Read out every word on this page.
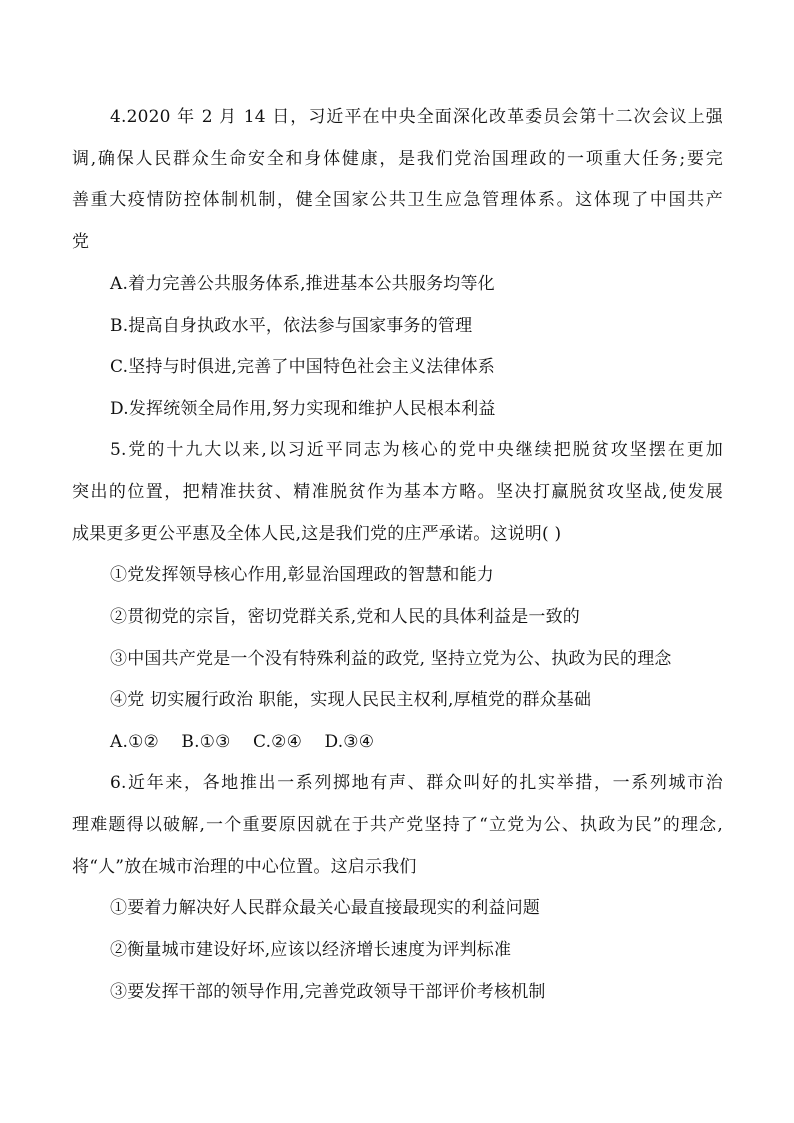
4.2020 年 2 月 14 日，习近平在中央全面深化改革委员会第十二次会议上强
调,确保人民群众生命安全和身体健康，是我们党治国理政的一项重大任务;要完
善重大疫情防控体制机制，健全国家公共卫生应急管理体系。这体现了中国共产
党
A.着力完善公共服务体系,推进基本公共服务均等化
B.提高自身执政水平，依法参与国家事务的管理
C.坚持与时俱进,完善了中国特色社会主义法律体系
D.发挥统领全局作用,努力实现和维护人民根本利益
5.党的十九大以来,以习近平同志为核心的党中央继续把脱贫攻坚摆在更加
突出的位置，把精准扶贫、精准脱贫作为基本方略。坚决打赢脱贫攻坚战,使发展
成果更多更公平惠及全体人民,这是我们党的庄严承诺。这说明( )
①党发挥领导核心作用,彰显治国理政的智慧和能力
②贯彻党的宗旨，密切党群关系,党和人民的具体利益是一致的
③中国共产党是一个没有特殊利益的政党, 坚持立党为公、执政为民的理念
④党 切实履行政治 职能，实现人民民主权利,厚植党的群众基础
A.①②    B.①③    C.②④    D.③④
6.近年来，各地推出一系列掷地有声、群众叫好的扎实举措，一系列城市治
理难题得以破解,一个重要原因就在于共产党坚持了“立党为公、执政为民”的理念,
将“人”放在城市治理的中心位置。这启示我们
①要着力解决好人民群众最关心最直接最现实的利益问题
②衡量城市建设好坏,应该以经济增长速度为评判标准
③要发挥干部的领导作用,完善党政领导干部评价考核机制
